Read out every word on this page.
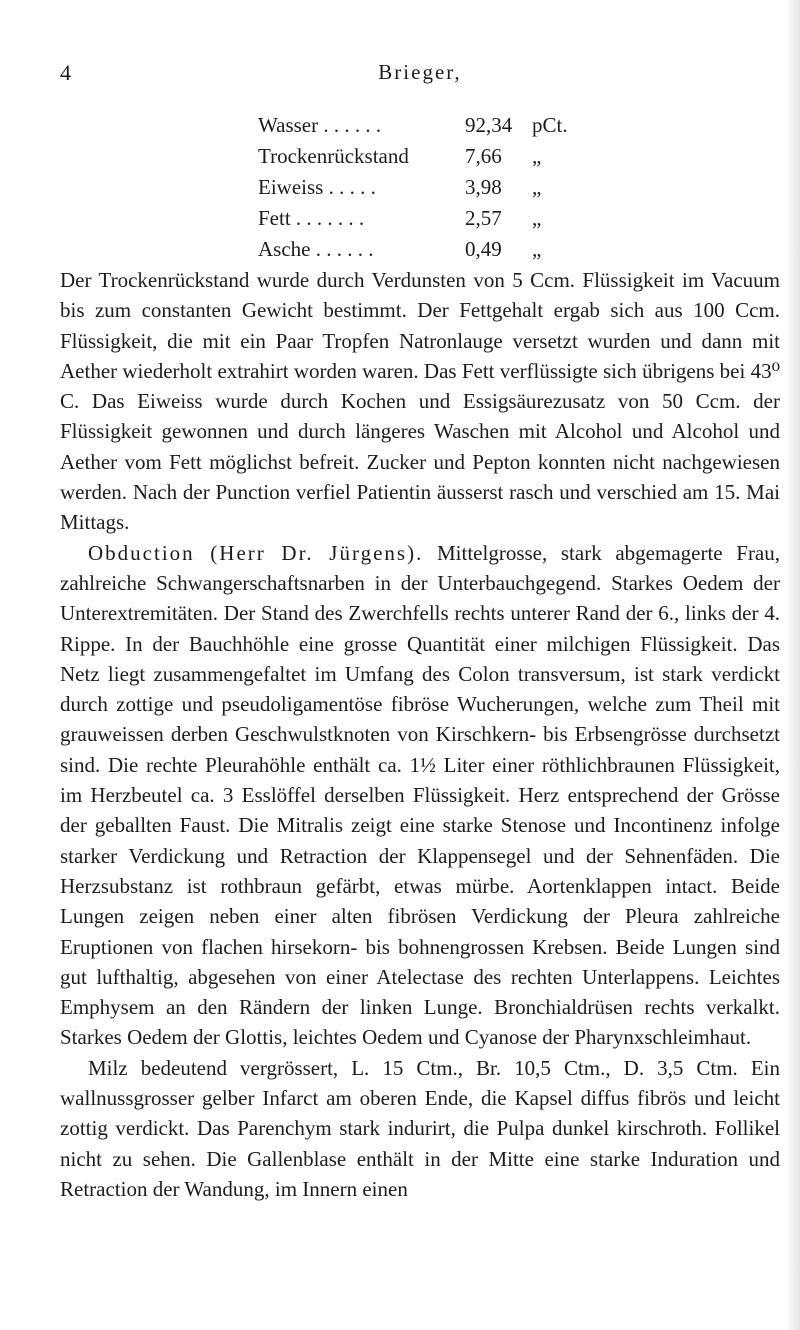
4	Brieger,
Wasser . . . . . .	92,34 pCt.
Trockenrückstand	7,66 „
Eiweiss . . . . .	3,98 „
Fett . . . . . . .	2,57 „
Asche . . . . . .	0,49 „

Der Trockenrückstand wurde durch Verdunsten von 5 Ccm. Flüssigkeit im Vacuum bis zum constanten Gewicht bestimmt. Der Fettgehalt ergab sich aus 100 Ccm. Flüssigkeit, die mit ein Paar Tropfen Natronlauge versetzt wurden und dann mit Aether wiederholt extrahirt worden waren. Das Fett verflüssigte sich übrigens bei 43⁰ C. Das Eiweiss wurde durch Kochen und Essigsäurezusatz von 50 Ccm. der Flüssigkeit gewonnen und durch längeres Waschen mit Alcohol und Alcohol und Aether vom Fett möglichst befreit. Zucker und Pepton konnten nicht nachgewiesen werden. Nach der Punction verfiel Patientin äusserst rasch und verschied am 15. Mai Mittags.

Obduction (Herr Dr. Jürgens). Mittelgrosse, stark abgemagerte Frau, zahlreiche Schwangerschaftsnarben in der Unterbauchgegend. Starkes Oedem der Unterextremitäten. Der Stand des Zwerchfells rechts unterer Rand der 6., links der 4. Rippe. In der Bauchhöhle eine grosse Quantität einer milchigen Flüssigkeit. Das Netz liegt zusammengefaltet im Umfang des Colon transversum, ist stark verdickt durch zottige und pseudoligamentöse fibröse Wucherungen, welche zum Theil mit grauweissen derben Geschwulstknoten von Kirschkern- bis Erbsengrösse durchsetzt sind. Die rechte Pleurahöhle enthält ca. 1½ Liter einer röthlichbraunen Flüssigkeit, im Herzbeutel ca. 3 Esslöffel derselben Flüssigkeit. Herz entsprechend der Grösse der geballten Faust. Die Mitralis zeigt eine starke Stenose und Incontinenz infolge starker Verdickung und Retraction der Klappensegel und der Sehnenfäden. Die Herzsubstanz ist rothbraun gefärbt, etwas mürbe. Aortenklappen intact. Beide Lungen zeigen neben einer alten fibrösen Verdickung der Pleura zahlreiche Eruptionen von flachen hirsekorn- bis bohnengrossen Krebsen. Beide Lungen sind gut lufthaltig, abgesehen von einer Atelectase des rechten Unterlappens. Leichtes Emphysem an den Rändern der linken Lunge. Bronchialdrüsen rechts verkalkt. Starkes Oedem der Glottis, leichtes Oedem und Cyanose der Pharynxschleimhaut.

Milz bedeutend vergrössert, L. 15 Ctm., Br. 10,5 Ctm., D. 3,5 Ctm. Ein wallnussgrosser gelber Infarct am oberen Ende, die Kapsel diffus fibrös und leicht zottig verdickt. Das Parenchym stark indurirt, die Pulpa dunkel kirschroth. Follikel nicht zu sehen. Die Gallenblase enthält in der Mitte eine starke Induration und Retraction der Wandung, im Innern einen
